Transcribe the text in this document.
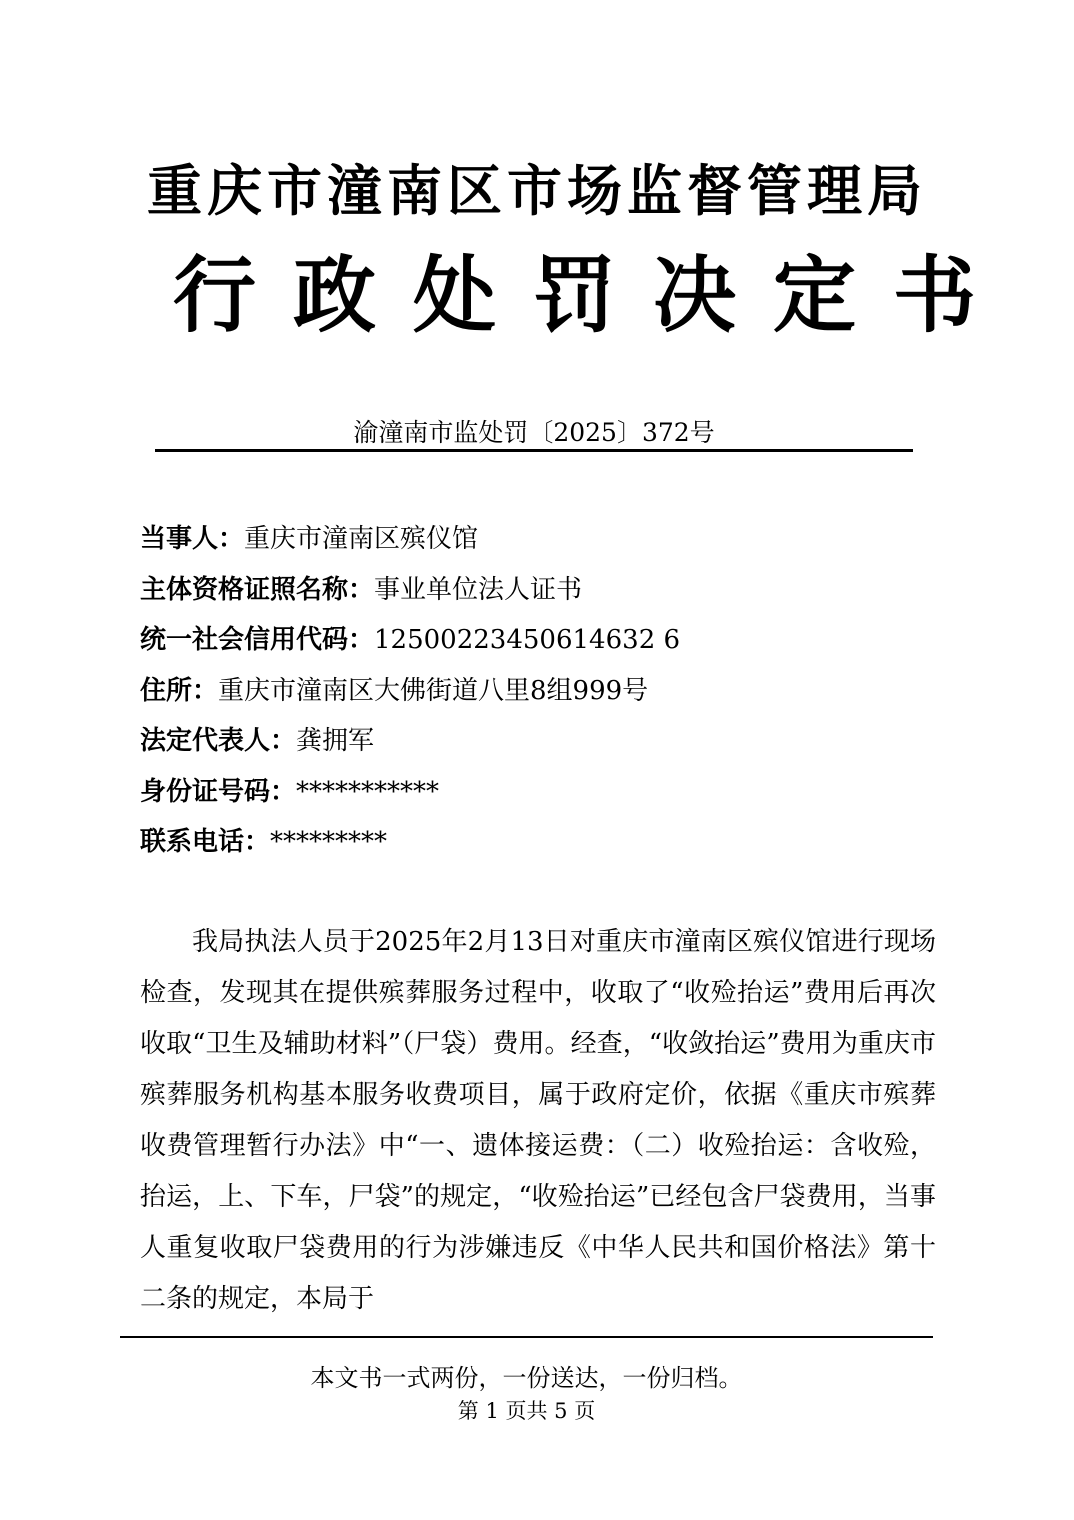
重庆市潼南区市场监督管理局
行政处罚决定书
渝潼南市监处罚〔2025〕372号
当事人：重庆市潼南区殡仪馆
主体资格证照名称：事业单位法人证书
统一社会信用代码：12500223450614632 6
住所：重庆市潼南区大佛街道八里8组999号
法定代表人：龚拥军
身份证号码：***********
联系电话：*********

我局执法人员于2025年2月13日对重庆市潼南区殡仪馆进行现场检查，发现其在提供殡葬服务过程中，收取了“收殓抬运”费用后再次收取“卫生及辅助材料”（尸袋）费用。经查，“收敛抬运”费用为重庆市殡葬服务机构基本服务收费项目，属于政府定价，依据《重庆市殡葬收费管理暂行办法》中“一、遗体接运费：（二）收殓抬运：含收殓，抬运，上、下车，尸袋”的规定，“收殓抬运”已经包含尸袋费用，当事人重复收取尸袋费用的行为涉嫌违反《中华人民共和国价格法》第十二条的规定，本局于

本文书一式两份，一份送达，一份归档。
第 1 页共 5 页
